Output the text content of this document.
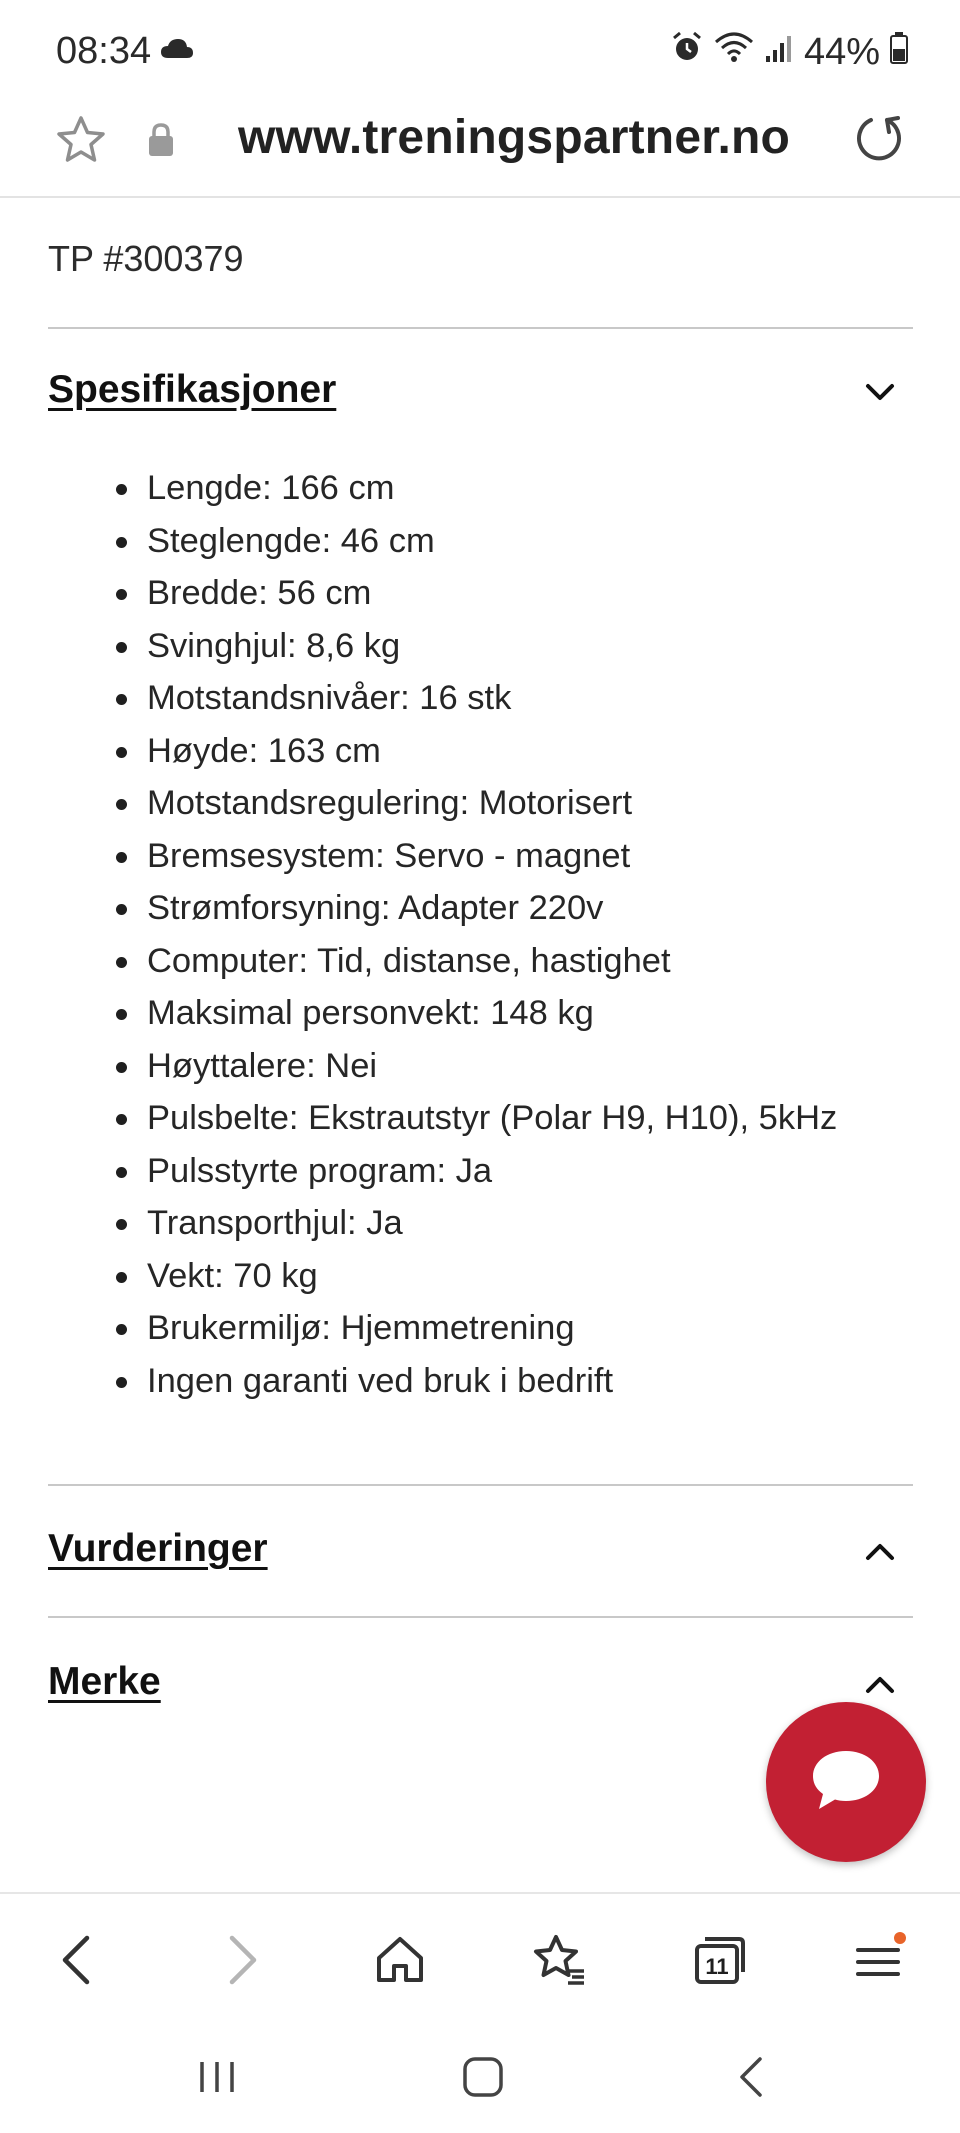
08:34	44%
www.treningspartner.no
TP #300379
Spesifikasjoner
Lengde: 166 cm
Steglengde: 46 cm
Bredde: 56 cm
Svinghjul: 8,6 kg
Motstandsnivåer: 16 stk
Høyde: 163 cm
Motstandsregulering: Motorisert
Bremsesystem: Servo - magnet
Strømforsyning: Adapter 220v
Computer: Tid, distanse, hastighet
Maksimal personvekt: 148 kg
Høyttalere: Nei
Pulsbelte: Ekstrautstyr (Polar H9, H10), 5kHz
Pulsstyrte program: Ja
Transporthjul: Ja
Vekt: 70 kg
Brukermiljø: Hjemmetrening
Ingen garanti ved bruk i bedrift
Vurderinger
Merke
11
